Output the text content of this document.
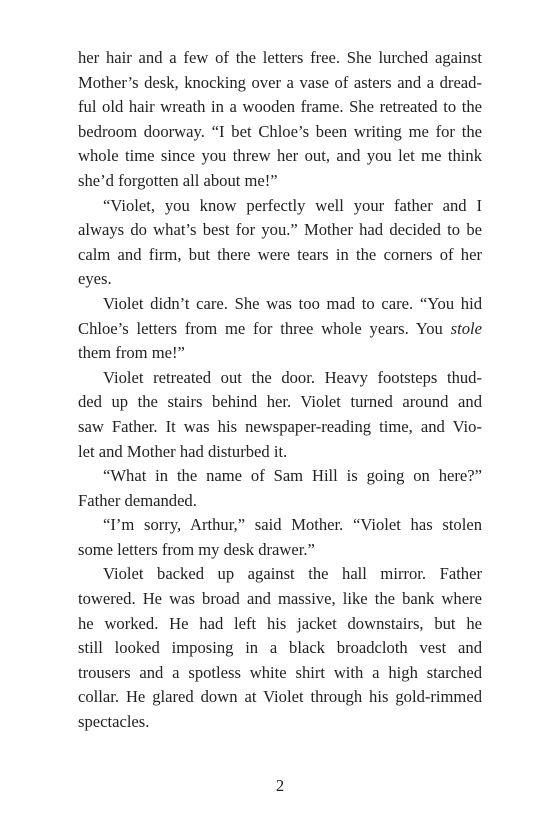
her hair and a few of the letters free. She lurched against
Mother’s desk, knocking over a vase of asters and a dread-
ful old hair wreath in a wooden frame. She retreated to the
bedroom doorway. “I bet Chloe’s been writing me for the
whole time since you threw her out, and you let me think
she’d forgotten all about me!”
“Violet, you know perfectly well your father and I
always do what’s best for you.” Mother had decided to be
calm and firm, but there were tears in the corners of her
eyes.
Violet didn’t care. She was too mad to care. “You hid
Chloe’s letters from me for three whole years. You stole
them from me!”
Violet retreated out the door. Heavy footsteps thud-
ded up the stairs behind her. Violet turned around and
saw Father. It was his newspaper-reading time, and Vio-
let and Mother had disturbed it.
“What in the name of Sam Hill is going on here?”
Father demanded.
“I’m sorry, Arthur,” said Mother. “Violet has stolen
some letters from my desk drawer.”
Violet backed up against the hall mirror. Father
towered. He was broad and massive, like the bank where
he worked. He had left his jacket downstairs, but he
still looked imposing in a black broadcloth vest and
trousers and a spotless white shirt with a high starched
collar. He glared down at Violet through his gold-rimmed
spectacles.
2
